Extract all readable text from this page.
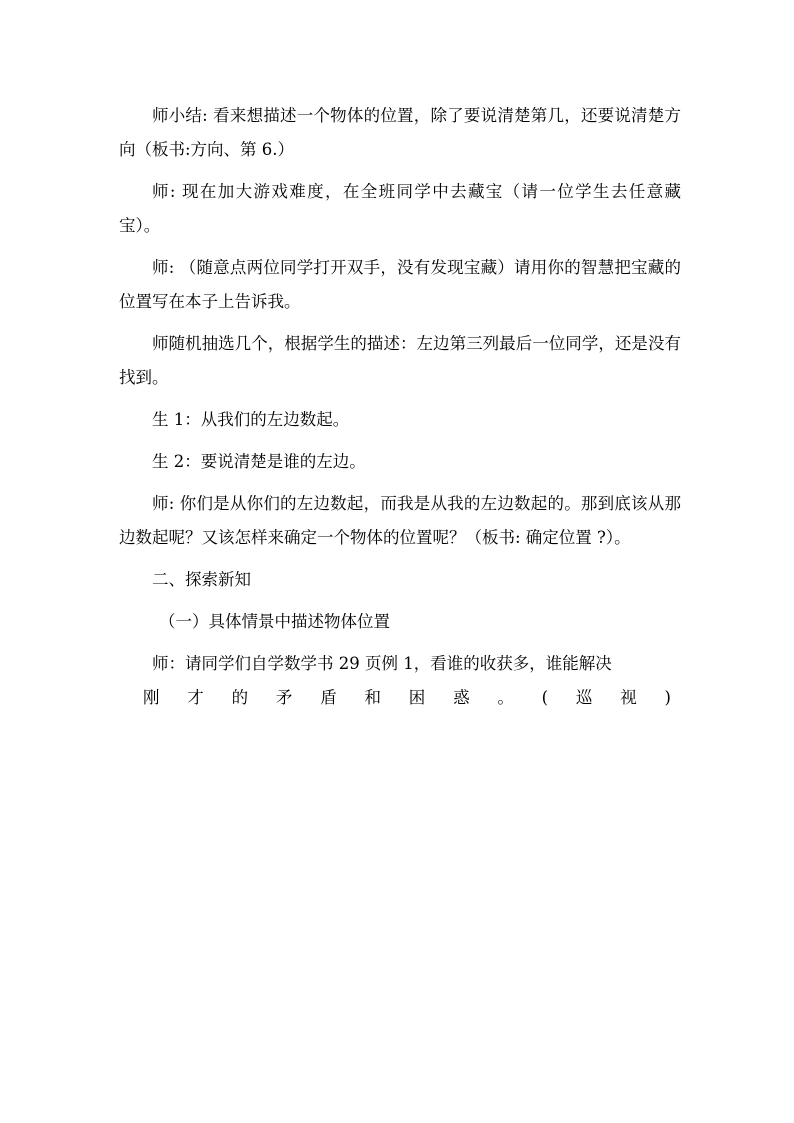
师小结: 看来想描述一个物体的位置，除了要说清楚第几，还要说清楚方向（板书:方向、第 6.）

师: 现在加大游戏难度，在全班同学中去藏宝（请一位学生去任意藏宝）。

师: （随意点两位同学打开双手，没有发现宝藏）请用你的智慧把宝藏的位置写在本子上告诉我。

师随机抽选几个，根据学生的描述：左边第三列最后一位同学，还是没有找到。

生 1：从我们的左边数起。

生 2：要说清楚是谁的左边。

师: 你们是从你们的左边数起，而我是从我的左边数起的。那到底该从那边数起呢？又该怎样来确定一个物体的位置呢？（板书: 确定位置 ?）。

二、探索新知

（一）具体情景中描述物体位置

师：请同学们自学数学书 29 页例 1，看谁的收获多，谁能解决

刚 才 的 矛 盾 和 困 惑 。 ( 巡 视 )
